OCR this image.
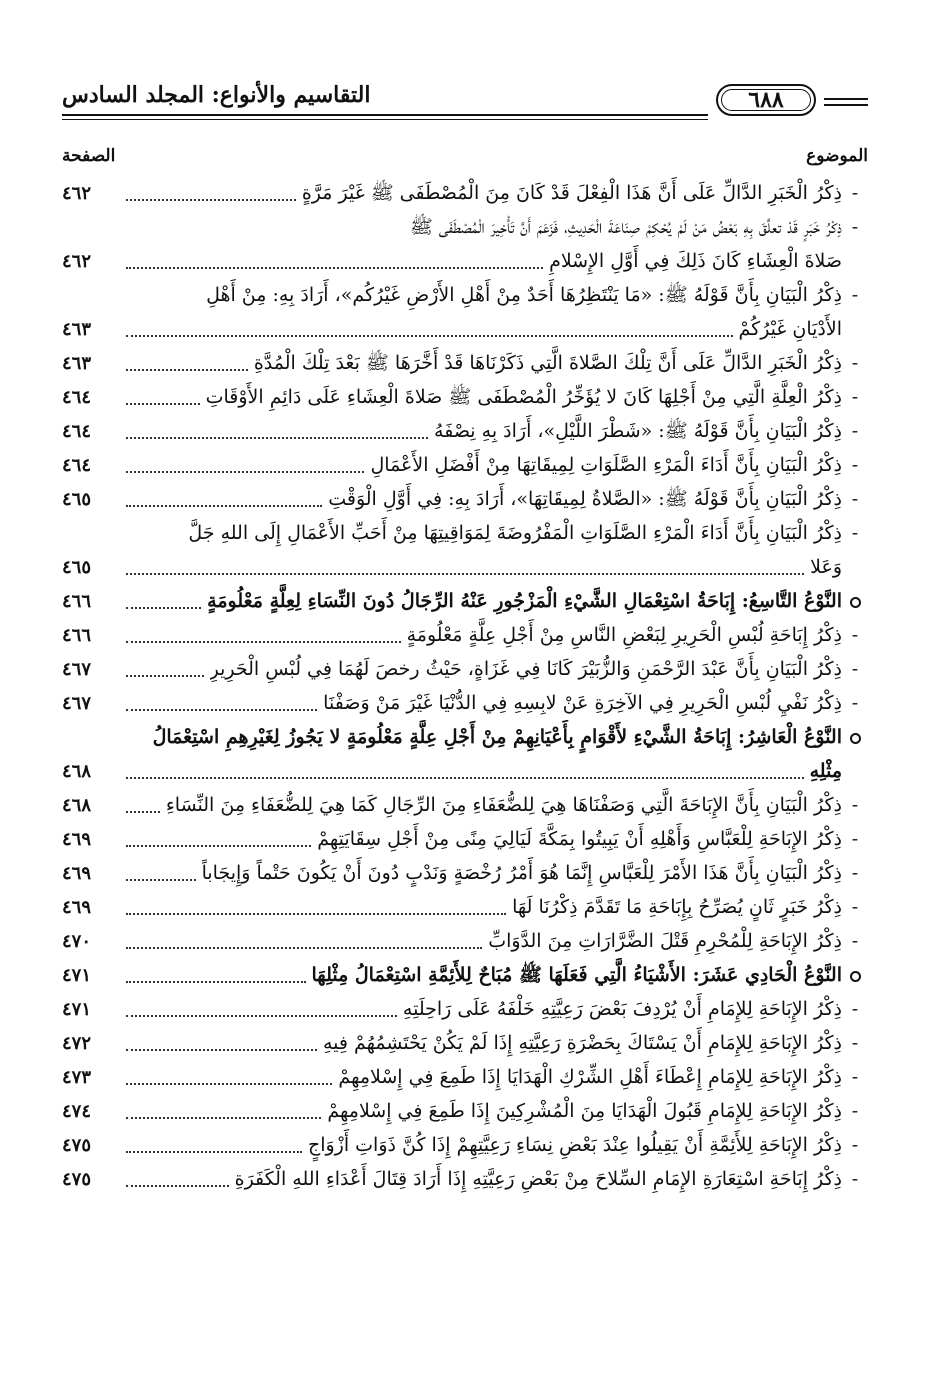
٦٨٨
التقاسيم والأنواع: المجلد السادس
الموضوع
الصفحة
-
ذِكْرُ الْخَبَرِ الدَّالِّ عَلَى أَنَّ هَذَا الْفِعْلَ قَدْ كَانَ مِنَ الْمُصْطَفَى ﷺ غَيْرَ مَرَّةٍ
٤٦٢
-
ذِكْرُ خَبَرٍ قَدْ تعلَّقَ بِهِ بَعْضُ مَنْ لَمْ يُحْكِمْ صِنَاعَةَ الْحَدِيثِ، فَزَعَمَ أَنَّ تَأْخِيرَ الْمُصْطَفَى ﷺ
صَلاةَ الْعِشَاءِ كَانَ ذَلِكَ فِي أَوَّلِ الإِسْلامِ
٤٦٢
-
ذِكْرُ الْبَيَانِ بِأَنَّ قَوْلَهُ ﷺ: «مَا يَنْتَظِرُهَا أَحَدٌ مِنْ أَهْلِ الأَرْضِ غَيْرُكُم»، أَرَادَ بِهِ: مِنْ أَهْلِ
الأَدْيَانِ غَيْرُكُمْ
٤٦٣
-
ذِكْرُ الْخَبَرِ الدَّالِّ عَلَى أَنَّ تِلْكَ الصَّلاةَ الَّتِي ذَكَرْنَاهَا قَدْ أَخَّرَهَا ﷺ بَعْدَ تِلْكَ الْمُدَّةِ
٤٦٣
-
ذِكْرُ الْعِلَّةِ الَّتِي مِنْ أَجْلِهَا كَانَ لا يُؤَخِّرُ الْمُصْطَفَى ﷺ صَلاةَ الْعِشَاءِ عَلَى دَائِمِ الأَوْقَاتِ
٤٦٤
-
ذِكْرُ الْبَيَانِ بِأَنَّ قَوْلَهُ ﷺ: «شَطْرَ اللَّيْلِ»، أَرَادَ بِهِ نِصْفَهُ
٤٦٤
-
ذِكْرُ الْبَيَانِ بِأَنَّ أَدَاءَ الْمَرْءِ الصَّلَوَاتِ لِمِيقَاتِهَا مِنْ أَفْضَلِ الأَعْمَالِ
٤٦٤
-
ذِكْرُ الْبَيَانِ بِأَنَّ قَوْلَهُ ﷺ: «الصَّلاةُ لِمِيقَاتِهَا»، أَرَادَ بِهِ: فِي أَوَّلِ الْوَقْتِ
٤٦٥
-
ذِكْرُ الْبَيَانِ بِأَنَّ أَدَاءَ الْمَرْءِ الصَّلَوَاتِ الْمَفْرُوضَةَ لِمَوَاقِيتِهَا مِنْ أَحَبِّ الأَعْمَالِ إِلَى اللهِ جَلَّ
وَعَلا
٤٦٥
النَّوْعُ التَّاسِعُ: إِبَاحَةُ اسْتِعْمَالِ الشَّيْءِ الْمَزْجُورِ عَنْهُ الرِّجَالُ دُونَ النِّسَاءِ لِعِلَّةٍ مَعْلُومَةٍ
٤٦٦
-
ذِكْرُ إِبَاحَةِ لُبْسِ الْحَرِيرِ لِبَعْضِ النَّاسِ مِنْ أَجْلِ عِلَّةٍ مَعْلُومَةٍ
٤٦٦
-
ذِكْرُ الْبَيَانِ بِأَنَّ عَبْدَ الرَّحْمَنِ وَالزُّبَيْرَ كَانَا فِي غَزَاةٍ، حَيْثُ رخصَ لَهُمَا فِي لُبْسِ الْحَرِيرِ
٤٦٧
-
ذِكْرُ نَفْيِ لُبْسِ الْحَرِيرِ فِي الآخِرَةِ عَنْ لابِسِهِ فِي الدُّنْيَا غَيْرَ مَنْ وَصَفْنَا
٤٦٧
النَّوْعُ الْعَاشِرُ: إِبَاحَةُ الشَّيْءِ لأَقْوَامٍ بِأَعْيَانِهِمْ مِنْ أَجْلِ عِلَّةٍ مَعْلُومَةٍ لا يَجُوزُ لِغَيْرِهِمِ اسْتِعْمَالُ
مِثْلِهِ
٤٦٨
-
ذِكْرُ الْبَيَانِ بِأَنَّ الإِبَاحَةَ الَّتِي وَصَفْنَاهَا هِيَ لِلضُّعَفَاءِ مِنَ الرِّجَالِ كَمَا هِيَ لِلضُّعَفَاءِ مِنَ النِّسَاءِ
٤٦٨
-
ذِكْرُ الإِبَاحَةِ لِلْعَبَّاسِ وَأَهْلِهِ أَنْ يَبِيتُوا بِمَكَّةَ لَيَالِيَ مِنًى مِنْ أَجْلِ سِقَايَتِهِمْ
٤٦٩
-
ذِكْرُ الْبَيَانِ بِأَنَّ هَذَا الأَمْرَ لِلْعَبَّاسِ إِنَّمَا هُوَ أَمْرُ رُخْصَةٍ وَنَدْبٍ دُونَ أَنْ يَكُونَ حَتْماً وَإِيجَاباً
٤٦٩
-
ذِكْرُ خَبَرٍ ثَانٍ يُصَرِّحُ بِإِبَاحَةِ مَا تَقَدَّمَ ذِكْرُنَا لَهَا
٤٦٩
-
ذِكْرُ الإِبَاحَةِ لِلْمُحْرِمِ قَتْلَ الضَّرَّارَاتِ مِنَ الدَّوَابِّ
٤٧٠
النَّوْعُ الْحَادِي عَشَرَ: الأَشْيَاءُ الَّتِي فَعَلَهَا ﷺ مُبَاحٌ لِلأَئِمَّةِ اسْتِعْمَالُ مِثْلِهَا
٤٧١
-
ذِكْرُ الإِبَاحَةِ لِلإِمَامِ أَنْ يُرْدِفَ بَعْضَ رَعِيَّتِهِ خَلْفَهُ عَلَى رَاحِلَتِهِ
٤٧١
-
ذِكْرُ الإِبَاحَةِ لِلإِمَامِ أَنْ يَسْتَاكَ بِحَضْرَةِ رَعِيَّتِهِ إِذَا لَمْ يَكُنْ يَحْتَشِمُهُمْ فِيهِ
٤٧٢
-
ذِكْرُ الإِبَاحَةِ لِلإِمَامِ إِعْطَاءَ أَهْلِ الشِّرْكِ الْهَدَايَا إِذَا طَمِعَ فِي إِسْلامِهِمْ
٤٧٣
-
ذِكْرُ الإِبَاحَةِ لِلإِمَامِ قَبُولَ الْهَدَايَا مِنَ الْمُشْرِكِينَ إِذَا طَمِعَ فِي إِسْلامِهِمْ
٤٧٤
-
ذِكْرُ الإِبَاحَةِ لِلأَئِمَّةِ أَنْ يَقِيلُوا عِنْدَ بَعْضِ نِسَاءِ رَعِيَّتِهِمْ إِذَا كُنَّ ذَوَاتِ أَزْوَاجٍ
٤٧٥
-
ذِكْرُ إِبَاحَةِ اسْتِعَارَةِ الإِمَامِ السِّلاحَ مِنْ بَعْضِ رَعِيَّتِهِ إِذَا أَرَادَ قِتَالَ أَعْدَاءِ اللهِ الْكَفَرَةِ
٤٧٥
